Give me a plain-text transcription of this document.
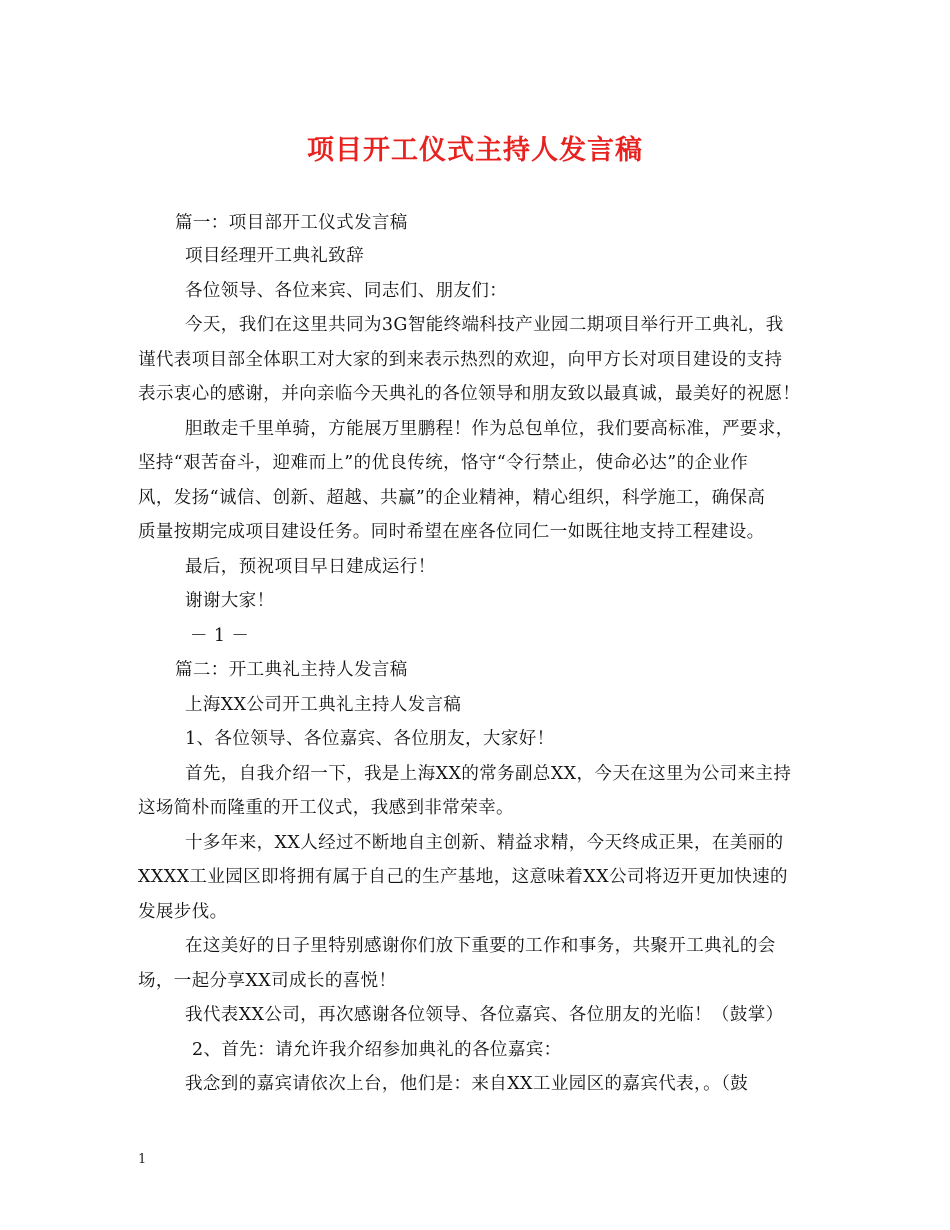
项目开工仪式主持人发言稿
篇一：项目部开工仪式发言稿
项目经理开工典礼致辞
各位领导、各位来宾、同志们、朋友们：
今天，我们在这里共同为3G智能终端科技产业园二期项目举行开工典礼，我
谨代表项目部全体职工对大家的到来表示热烈的欢迎，向甲方长对项目建设的支持
表示衷心的感谢，并向亲临今天典礼的各位领导和朋友致以最真诚，最美好的祝愿！
胆敢走千里单骑，方能展万里鹏程！作为总包单位，我们要高标准，严要求，
坚持“艰苦奋斗，迎难而上”的优良传统，恪守“令行禁止，使命必达”的企业作
风，发扬“诚信、创新、超越、共赢”的企业精神，精心组织，科学施工，确保高
质量按期完成项目建设任务。同时希望在座各位同仁一如既往地支持工程建设。
最后，预祝项目早日建成运行！
谢谢大家！
－ 1 －
篇二：开工典礼主持人发言稿
上海XX公司开工典礼主持人发言稿
1、各位领导、各位嘉宾、各位朋友，大家好！
首先，自我介绍一下，我是上海XX的常务副总XX，今天在这里为公司来主持
这场简朴而隆重的开工仪式，我感到非常荣幸。
十多年来，XX人经过不断地自主创新、精益求精，今天终成正果，在美丽的
XXXX工业园区即将拥有属于自己的生产基地，这意味着XX公司将迈开更加快速的
发展步伐。
在这美好的日子里特别感谢你们放下重要的工作和事务，共聚开工典礼的会
场，一起分享XX司成长的喜悦！
我代表XX公司，再次感谢各位领导、各位嘉宾、各位朋友的光临！（鼓掌）
2、首先：请允许我介绍参加典礼的各位嘉宾：
我念到的嘉宾请依次上台，他们是：来自XX工业园区的嘉宾代表，。（鼓
1
